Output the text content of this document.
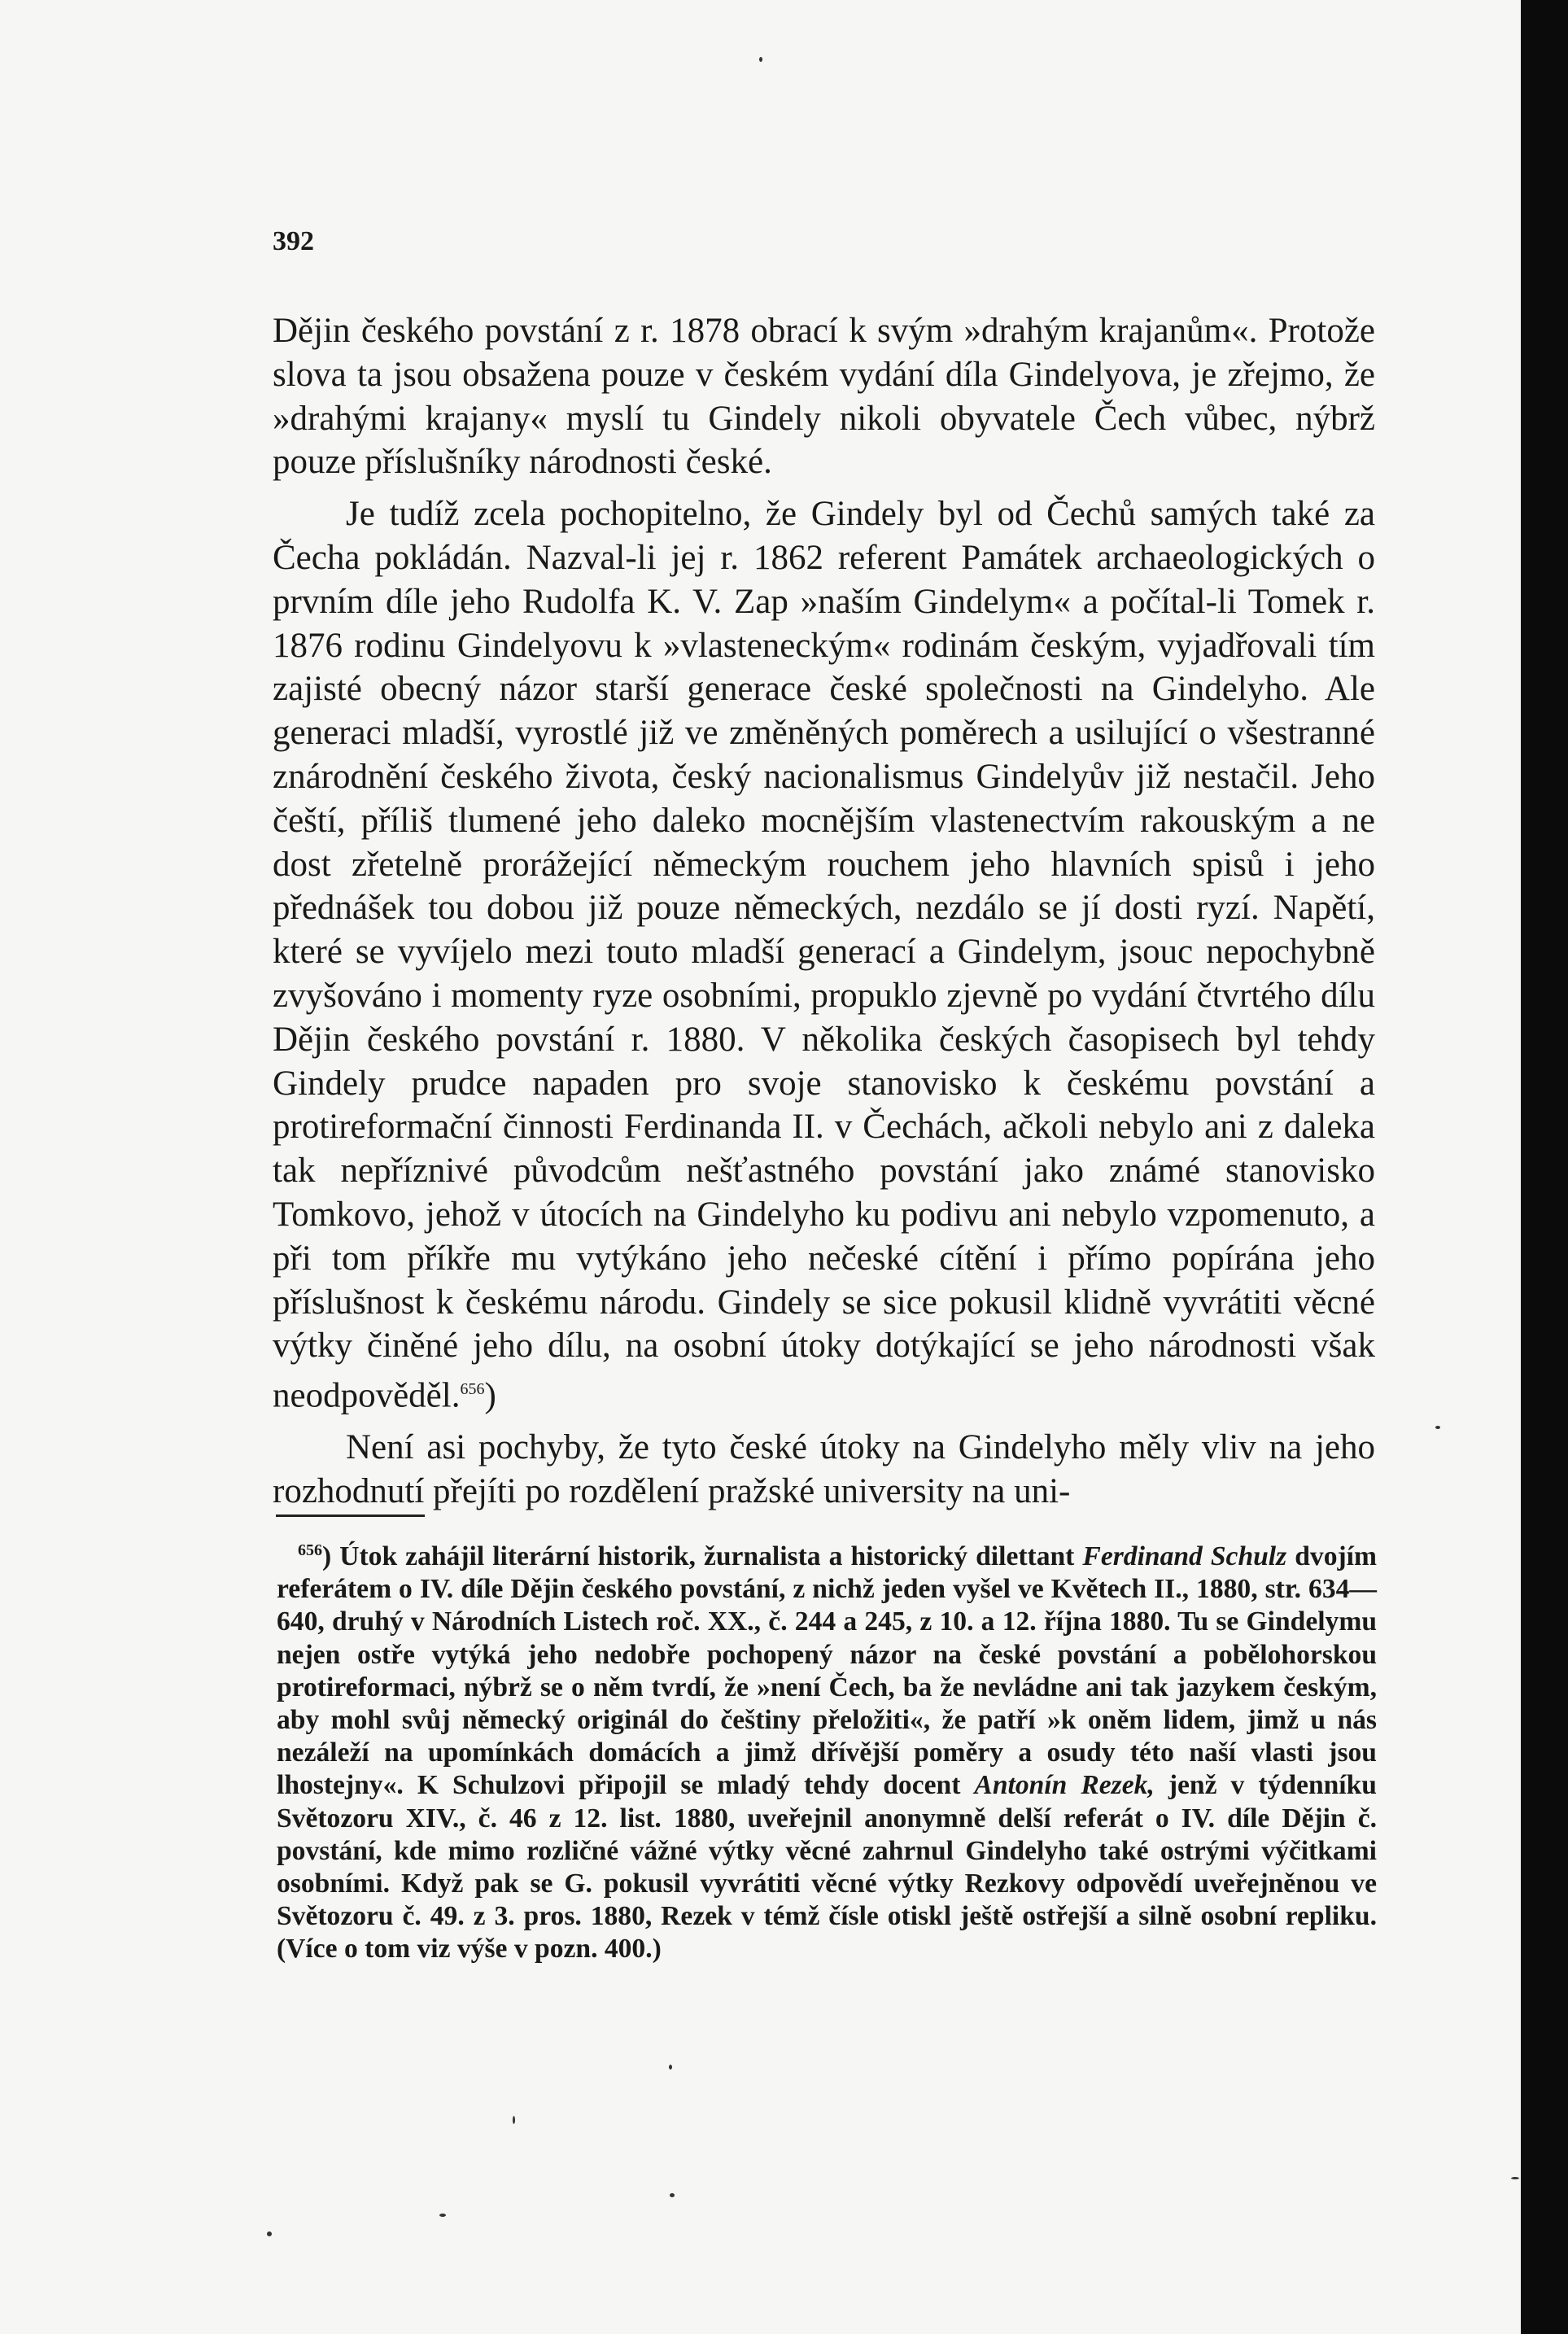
392

Dějin českého povstání z r. 1878 obrací k svým »drahým krajanům«. Protože slova ta jsou obsažena pouze v českém vydání díla Gindelyova, je zřejmo, že »drahými krajany« myslí tu Gindely nikoli obyvatele Čech vůbec, nýbrž pouze příslušníky národnosti české.

Je tudíž zcela pochopitelno, že Gindely byl od Čechů samých také za Čecha pokládán. Nazval-li jej r. 1862 referent Památek archaeologických o prvním díle jeho Rudolfa K. V. Zap »naším Gindelym« a počítal-li Tomek r. 1876 rodinu Gindelyovu k »vlasteneckým« rodinám českým, vyjadřovali tím zajisté obecný názor starší generace české společnosti na Gindelyho. Ale generaci mladší, vyrostlé již ve změněných poměrech a usilující o všestranné znárodnění českého života, český nacionalismus Gindelyův již nestačil. Jeho čeští, příliš tlumené jeho daleko mocnějším vlastenectvím rakouským a ne dost zřetelně prorážející německým rouchem jeho hlavních spisů i jeho přednášek tou dobou již pouze německých, nezdálo se jí dosti ryzí. Napětí, které se vyvíjelo mezi touto mladší generací a Gindelym, jsouc nepochybně zvyšováno i momenty ryze osobními, propuklo zjevně po vydání čtvrtého dílu Dějin českého povstání r. 1880. V několika českých časopisech byl tehdy Gindely prudce napaden pro svoje stanovisko k českému povstání a protireformační činnosti Ferdinanda II. v Čechách, ačkoli nebylo ani z daleka tak nepříznivé původcům nešťastného povstání jako známé stanovisko Tomkovo, jehož v útocích na Gindelyho ku podivu ani nebylo vzpomenuto, a při tom příkře mu vytýkáno jeho nečeské cítění i přímo popírána jeho příslušnost k českému národu. Gindely se sice pokusil klidně vyvrátiti věcné výtky činěné jeho dílu, na osobní útoky dotýkající se jeho národnosti však neodpověděl.$^{656}$)

Není asi pochyby, že tyto české útoky na Gindelyho měly vliv na jeho rozhodnutí přejíti po rozdělení pražské university na uni-

$^{656}$) Útok zahájil literární historik, žurnalista a historický dilettant Ferdinand Schulz dvojím referátem o IV. díle Dějin českého povstání, z nichž jeden vyšel ve Květech II., 1880, str. 634—640, druhý v Národních Listech roč. XX., č. 244 a 245, z 10. a 12. října 1880. Tu se Gindelymu nejen ostře vytýká jeho nedobře pochopený názor na české povstání a pobělohorskou protireformaci, nýbrž se o něm tvrdí, že »není Čech, ba že nevládne ani tak jazykem českým, aby mohl svůj německý originál do češtiny přeložiti«, že patří »k oněm lidem, jimž u nás nezáleží na upomínkách domácích a jimž dřívější poměry a osudy této naší vlasti jsou lhostejny«. K Schulzovi připojil se mladý tehdy docent Antonín Rezek, jenž v týdenníku Světozoru XIV., č. 46 z 12. list. 1880, uveřejnil anonymně delší referát o IV. díle Dějin č. povstání, kde mimo rozličné vážné výtky věcné zahrnul Gindelyho také ostrými výčitkami osobními. Když pak se G. pokusil vyvrátiti věcné výtky Rezkovy odpovědí uveřejněnou ve Světozoru č. 49. z 3. pros. 1880, Rezek v témž čísle otiskl ještě ostřejší a silně osobní repliku. (Více o tom viz výše v pozn. 400.)
